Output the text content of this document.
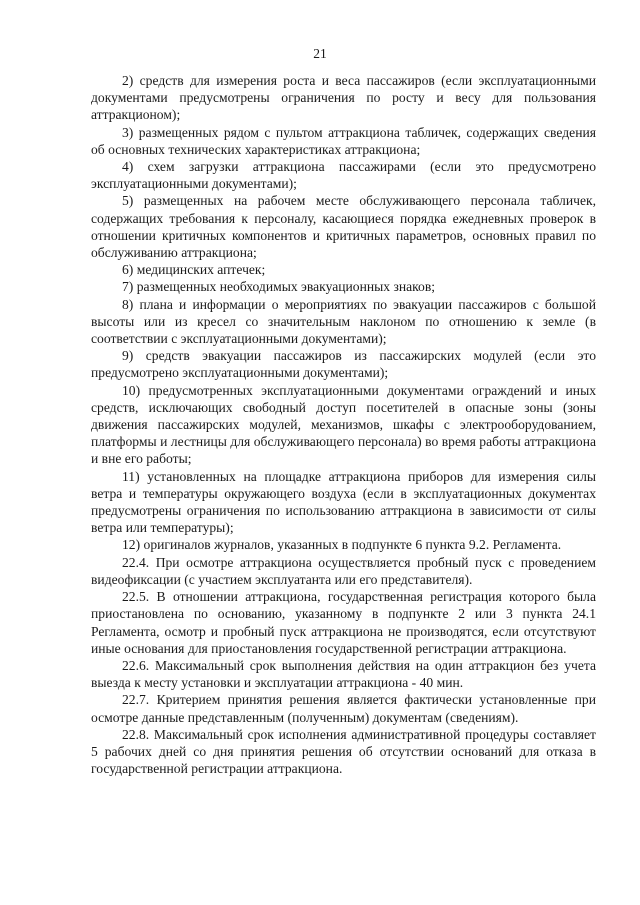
21

2) средств для измерения роста и веса пассажиров (если эксплуатационными документами предусмотрены ограничения по росту и весу для пользования аттракционом);

3) размещенных рядом с пультом аттракциона табличек, содержащих сведения об основных технических характеристиках аттракциона;

4) схем загрузки аттракциона пассажирами (если это предусмотрено эксплуатационными документами);

5) размещенных на рабочем месте обслуживающего персонала табличек, содержащих требования к персоналу, касающиеся порядка ежедневных проверок в отношении критичных компонентов и критичных параметров, основных правил по обслуживанию аттракциона;

6) медицинских аптечек;

7) размещенных необходимых эвакуационных знаков;

8) плана и информации о мероприятиях по эвакуации пассажиров с большой высоты или из кресел со значительным наклоном по отношению к земле (в соответствии с эксплуатационными документами);

9) средств эвакуации пассажиров из пассажирских модулей (если это предусмотрено эксплуатационными документами);

10) предусмотренных эксплуатационными документами ограждений и иных средств, исключающих свободный доступ посетителей в опасные зоны (зоны движения пассажирских модулей, механизмов, шкафы с электрооборудованием, платформы и лестницы для обслуживающего персонала) во время работы аттракциона и вне его работы;

11) установленных на площадке аттракциона приборов для измерения силы ветра и температуры окружающего воздуха (если в эксплуатационных документах предусмотрены ограничения по использованию аттракциона в зависимости от силы ветра или температуры);

12) оригиналов журналов, указанных в подпункте 6 пункта 9.2. Регламента.

22.4. При осмотре аттракциона осуществляется пробный пуск с проведением видеофиксации (с участием эксплуатанта или его представителя).

22.5. В отношении аттракциона, государственная регистрация которого была приостановлена по основанию, указанному в подпункте 2 или 3 пункта 24.1 Регламента, осмотр и пробный пуск аттракциона не производятся, если отсутствуют иные основания для приостановления государственной регистрации аттракциона.

22.6. Максимальный срок выполнения действия на один аттракцион без учета выезда к месту установки и эксплуатации аттракциона - 40 мин.

22.7. Критерием принятия решения является фактически установленные при осмотре данные представленным (полученным) документам (сведениям).

22.8. Максимальный срок исполнения административной процедуры составляет 5 рабочих дней со дня принятия решения об отсутствии оснований для отказа в государственной регистрации аттракциона.
